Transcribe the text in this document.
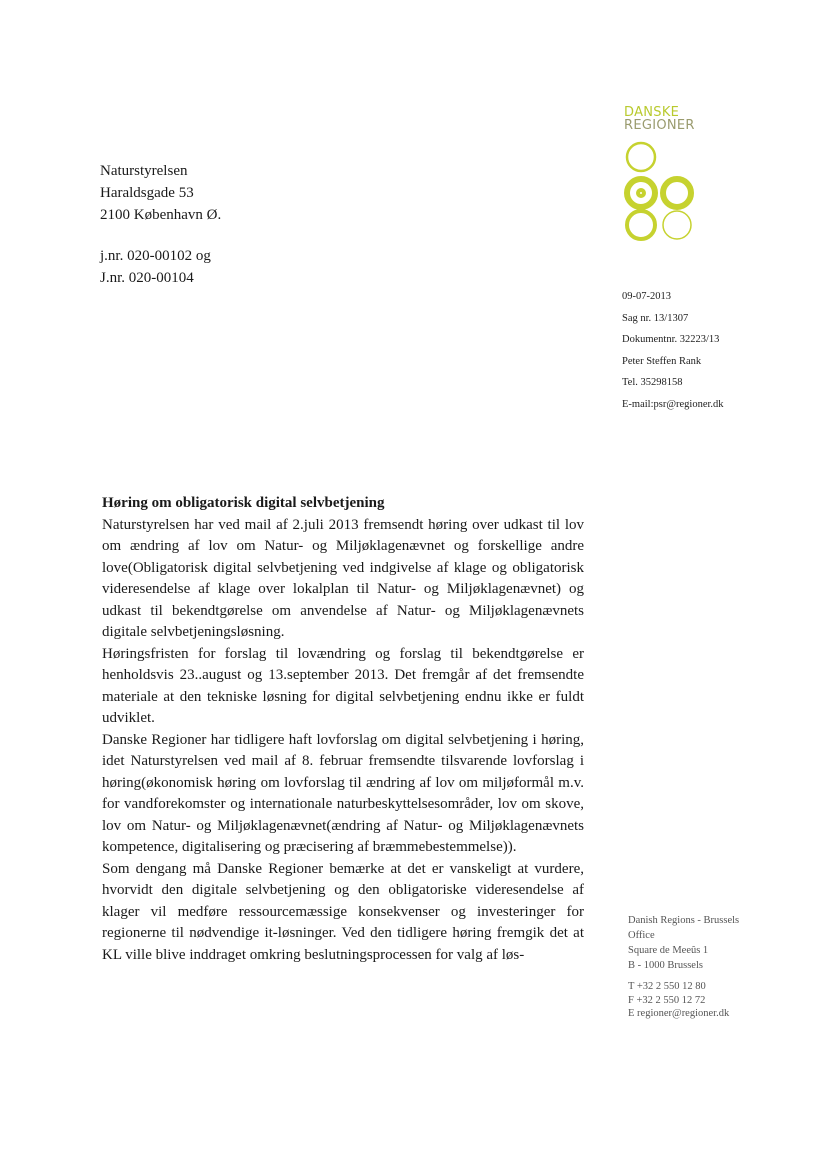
DANSKE
REGIONER
Naturstyrelsen
Haraldsgade 53
2100 København Ø.
j.nr. 020-00102 og
J.nr. 020-00104
09-07-2013
Sag nr. 13/1307
Dokumentnr. 32223/13
Peter Steffen Rank
Tel. 35298158
E-mail:psr@regioner.dk
Høring om obligatorisk digital selvbetjening

Naturstyrelsen har ved mail af 2.juli 2013 fremsendt høring over udkast til lov om ændring af lov om Natur- og Miljøklagenævnet og forskellige andre love(Obligatorisk digital selvbetjening ved indgivelse af klage og obligatorisk videresendelse af klage over lokalplan til Natur- og Miljøklagenævnet) og udkast til bekendtgørelse om anvendelse af Natur- og Miljøklagenævnets digitale selvbetjeningsløsning.

Høringsfristen for forslag til lovændring og forslag til bekendtgørelse er henholdsvis 23..august og 13.september 2013. Det fremgår af det fremsendte materiale at den tekniske løsning for digital selvbetjening endnu ikke er fuldt udviklet.

Danske Regioner har tidligere haft lovforslag om digital selvbetjening i høring, idet Naturstyrelsen ved mail af 8. februar fremsendte tilsvarende lovforslag i høring(økonomisk høring om lovforslag til ændring af lov om miljøformål m.v. for vandforekomster og internationale naturbeskyttelsesområder, lov om skove, lov om Natur- og Miljøklagenævnet(ændring af Natur- og Miljøklagenævnets kompetence, digitalisering og præcisering af bræmmebestemmelse)).

Som dengang må Danske Regioner bemærke at det er vanskeligt at vurdere, hvorvidt den digitale selvbetjening og den obligatoriske videresendelse af klager vil medføre ressourcemæssige konsekvenser og investeringer for regionerne til nødvendige it-løsninger. Ved den tidligere høring fremgik det at KL ville blive inddraget omkring beslutningsprocessen for valg af løs-

Danish Regions - Brussels
Office
Square de Meeûs 1
B - 1000 Brussels
T +32 2 550 12 80
F +32 2 550 12 72
E regioner@regioner.dk
